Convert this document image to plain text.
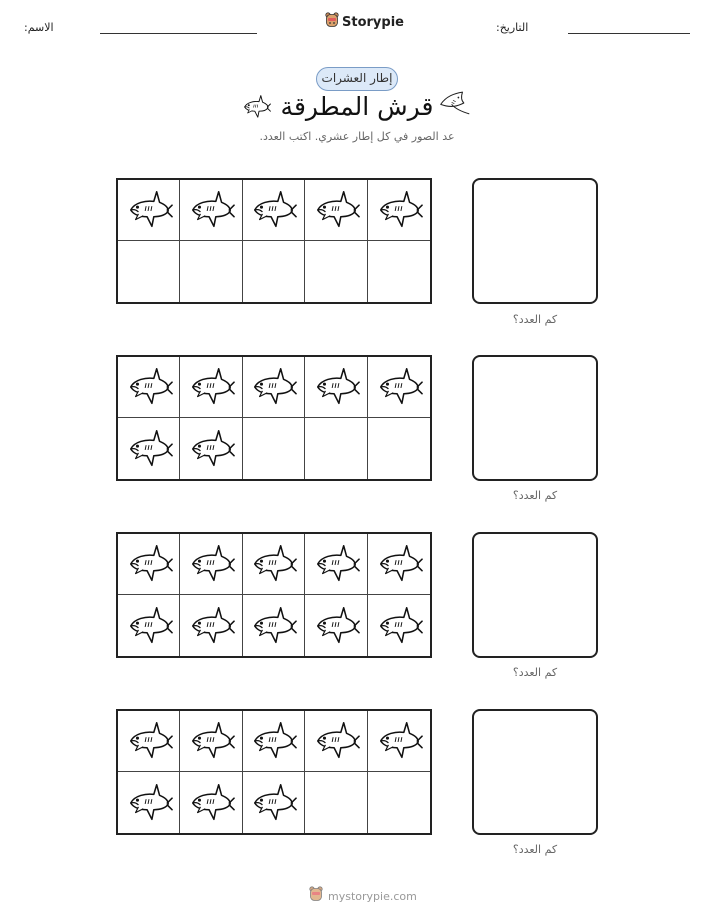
التاريخ:
الاسم:	Storypie
إطار العشرات
قرش المطرقة
عد الصور في كل إطار عشري. اكتب العدد.
كم العدد؟
كم العدد؟
كم العدد؟
كم العدد؟
mystorypie.com
